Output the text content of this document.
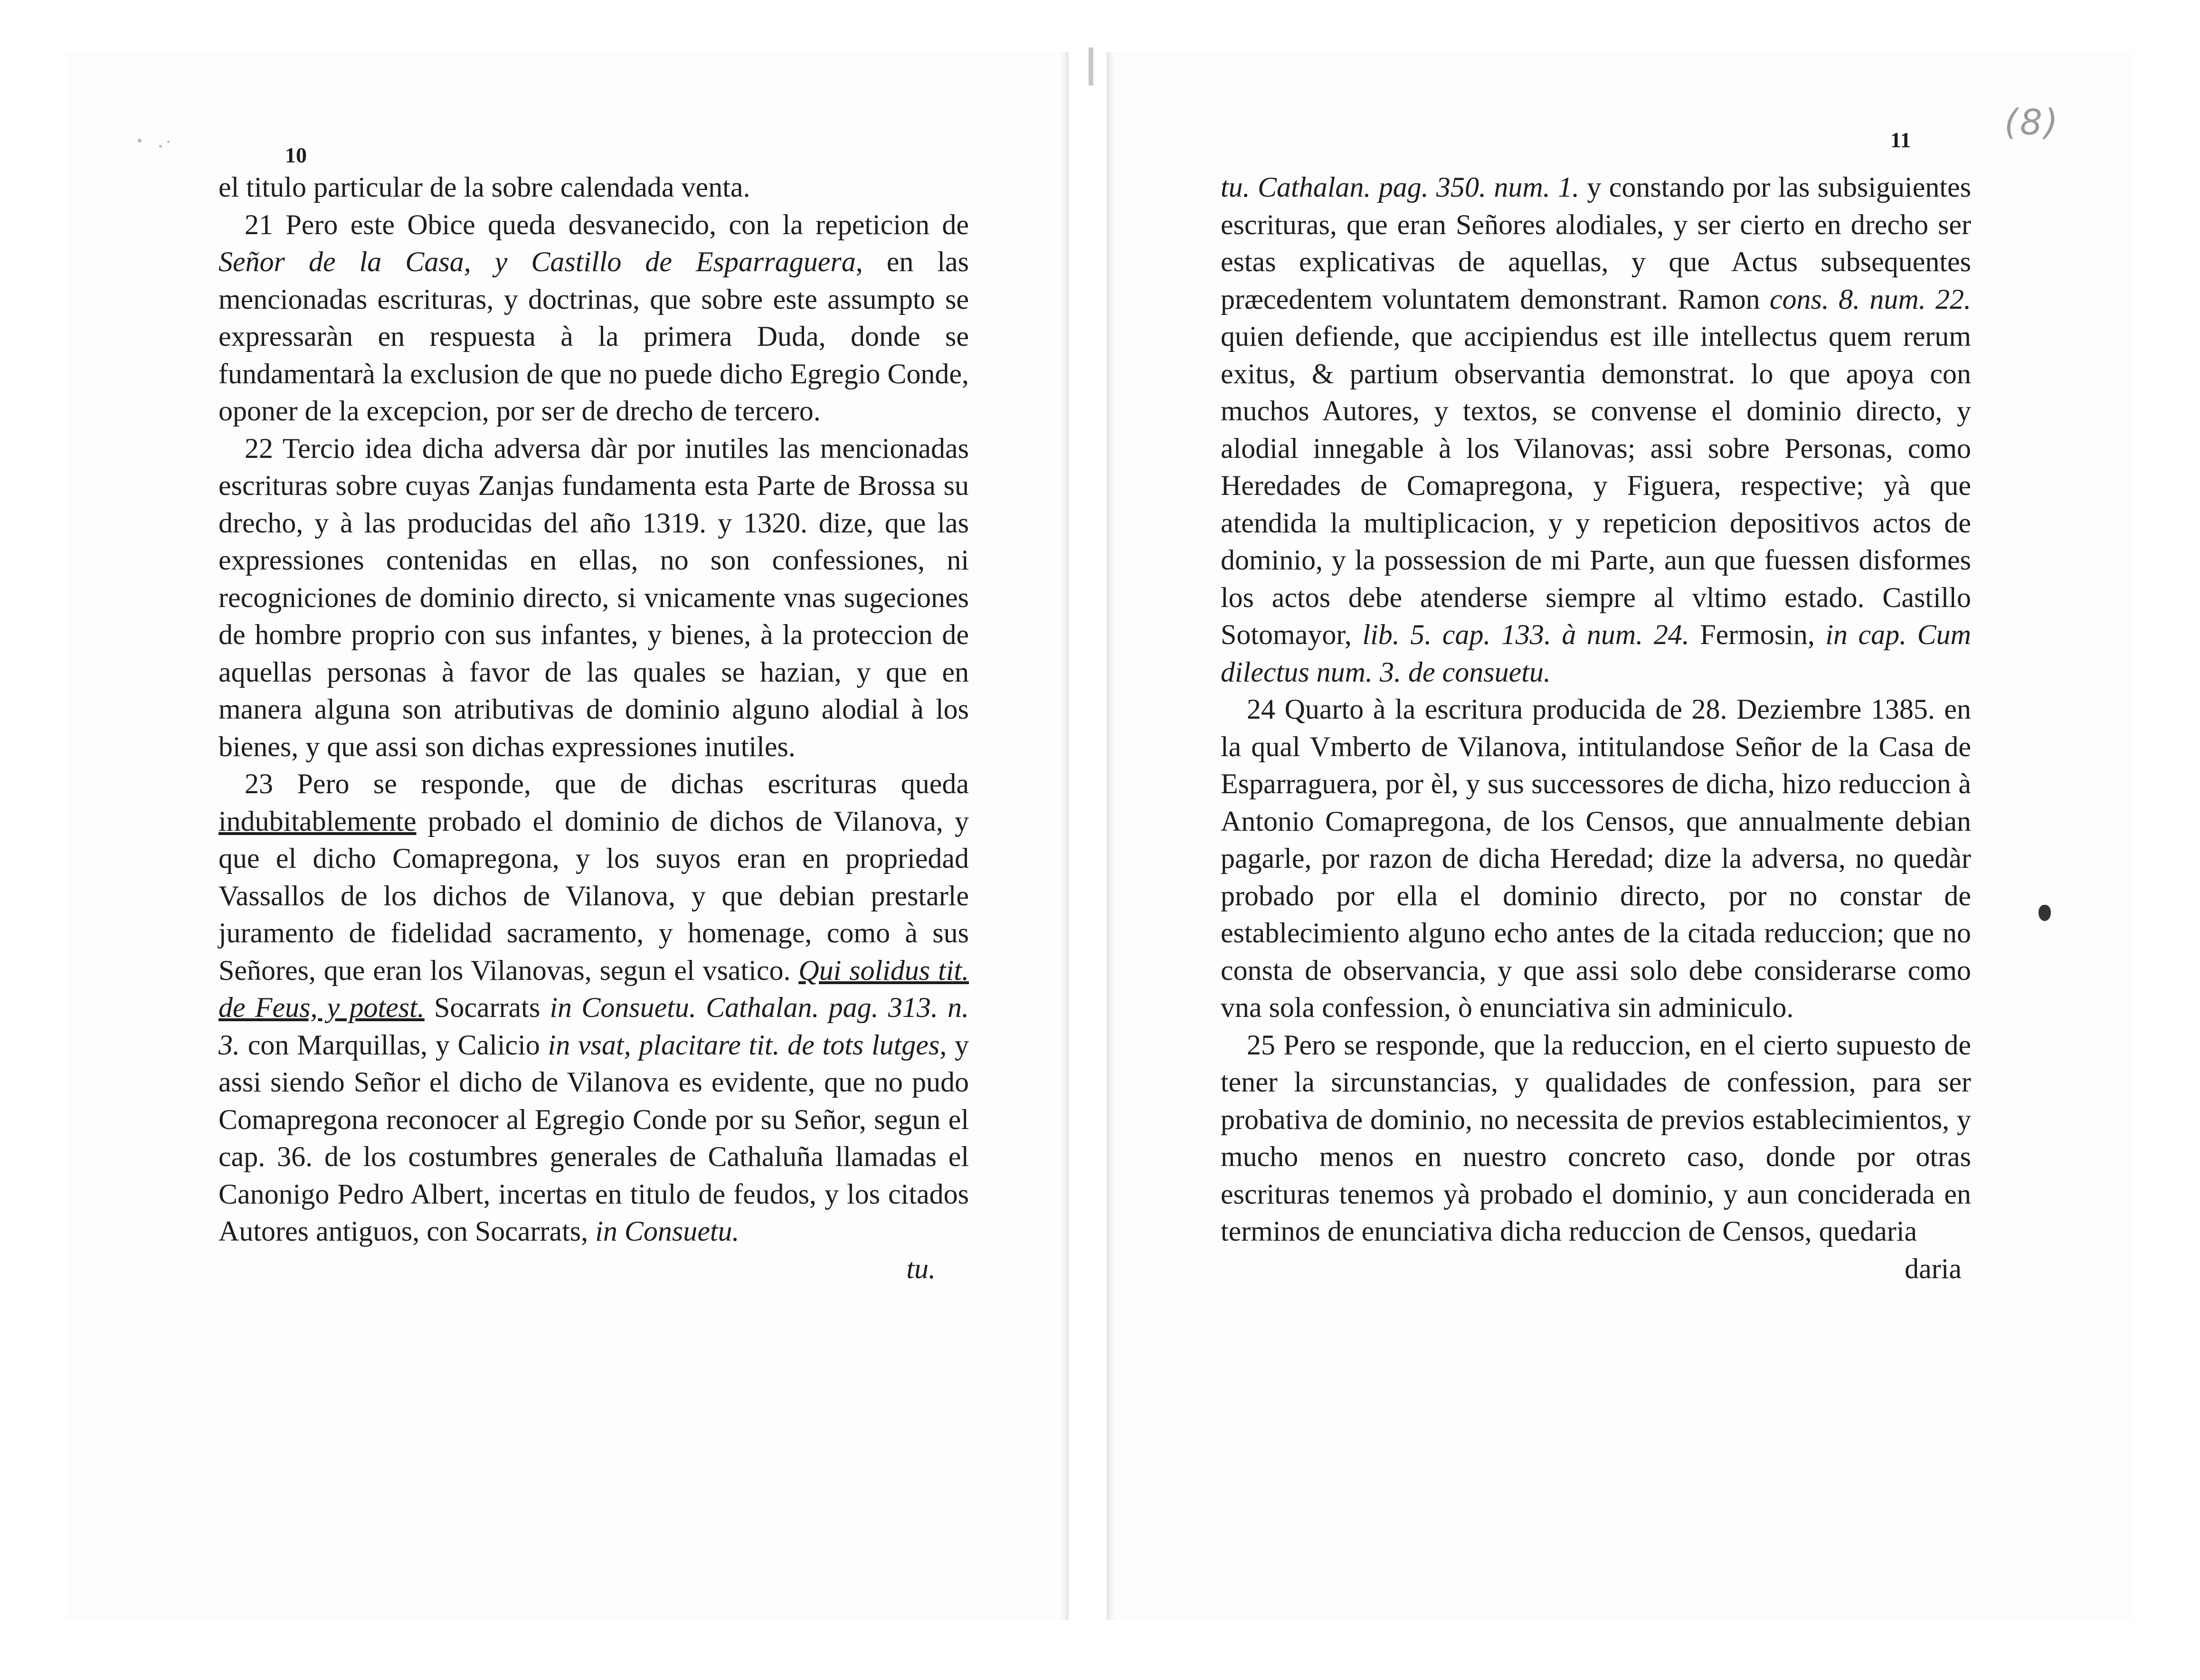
10
11	(8)

el titulo particular de la sobre calendada venta.

21 Pero este Obice queda desvanecido, con la repeticion de Señor de la Casa, y Castillo de Esparraguera, en las mencionadas escrituras, y doctrinas, que sobre este assumpto se expressaràn en respuesta à la primera Duda, donde se fundamentarà la exclusion de que no puede dicho Egregio Conde, oponer de la excepcion, por ser de drecho de tercero.

22 Tercio idea dicha adversa dàr por inutiles las mencionadas escrituras sobre cuyas Zanjas fundamenta esta Parte de Brossa su drecho, y à las producidas del año 1319. y 1320. dize, que las expressiones contenidas en ellas, no son confessiones, ni recogniciones de dominio directo, si vnicamente vnas sugeciones de hombre proprio con sus infantes, y bienes, à la proteccion de aquellas personas à favor de las quales se hazian, y que en manera alguna son atributivas de dominio alguno alodial à los bienes, y que assi son dichas expressiones inutiles.

23 Pero se responde, que de dichas escrituras queda indubitablemente probado el dominio de dichos de Vilanova, y que el dicho Comapregona, y los suyos eran en propriedad Vassallos de los dichos de Vilanova, y que debian prestarle juramento de fidelidad sacramento, y homenage, como à sus Señores, que eran los Vilanovas, segun el vsatico. Qui solidus tit. de Feus, y potest. Socarrats in Consuetu. Cathalan. pag. 313. n. 3. con Marquillas, y Calicio in vsat, placitare tit. de tots lutges, y assi siendo Señor el dicho de Vilanova es evidente, que no pudo Comapregona reconocer al Egregio Conde por su Señor, segun el cap. 36. de los costumbres generales de Cathaluña llamadas el Canonigo Pedro Albert, incertas en titulo de feudos, y los citados Autores antiguos, con Socarrats, in Consuetu.

tu.

tu. Cathalan. pag. 350. num. 1. y constando por las subsiguientes escrituras, que eran Señores alodiales, y ser cierto en drecho ser estas explicativas de aquellas, y que Actus subsequentes præcedentem voluntatem demonstrant. Ramon cons. 8. num. 22. quien defiende, que accipiendus est ille intellectus quem rerum exitus, & partium observantia demonstrat. lo que apoya con muchos Autores, y textos, se convense el dominio directo, y alodial innegable à los Vilanovas; assi sobre Personas, como Heredades de Comapregona, y Figuera, respective; yà que atendida la multiplicacion, y y repeticion depositivos actos de dominio, y la possession de mi Parte, aun que fuessen disformes los actos debe atenderse siempre al vltimo estado. Castillo Sotomayor, lib. 5. cap. 133. à num. 24. Fermosin, in cap. Cum dilectus num. 3. de consuetu.

24 Quarto à la escritura producida de 28. Deziembre 1385. en la qual Vmberto de Vilanova, intitulandose Señor de la Casa de Esparraguera, por èl, y sus successores de dicha, hizo reduccion à Antonio Comapregona, de los Censos, que annualmente debian pagarle, por razon de dicha Heredad; dize la adversa, no quedàr probado por ella el dominio directo, por no constar de establecimiento alguno echo antes de la citada reduccion; que no consta de observancia, y que assi solo debe considerarse como vna sola confession, ò enunciativa sin adminiculo.

25 Pero se responde, que la reduccion, en el cierto supuesto de tener la sircunstancias, y qualidades de confession, para ser probativa de dominio, no necessita de previos establecimientos, y mucho menos en nuestro concreto caso, donde por otras escrituras tenemos yà probado el dominio, y aun conciderada en terminos de enunciativa dicha reduccion de Censos, quedaria

daria
